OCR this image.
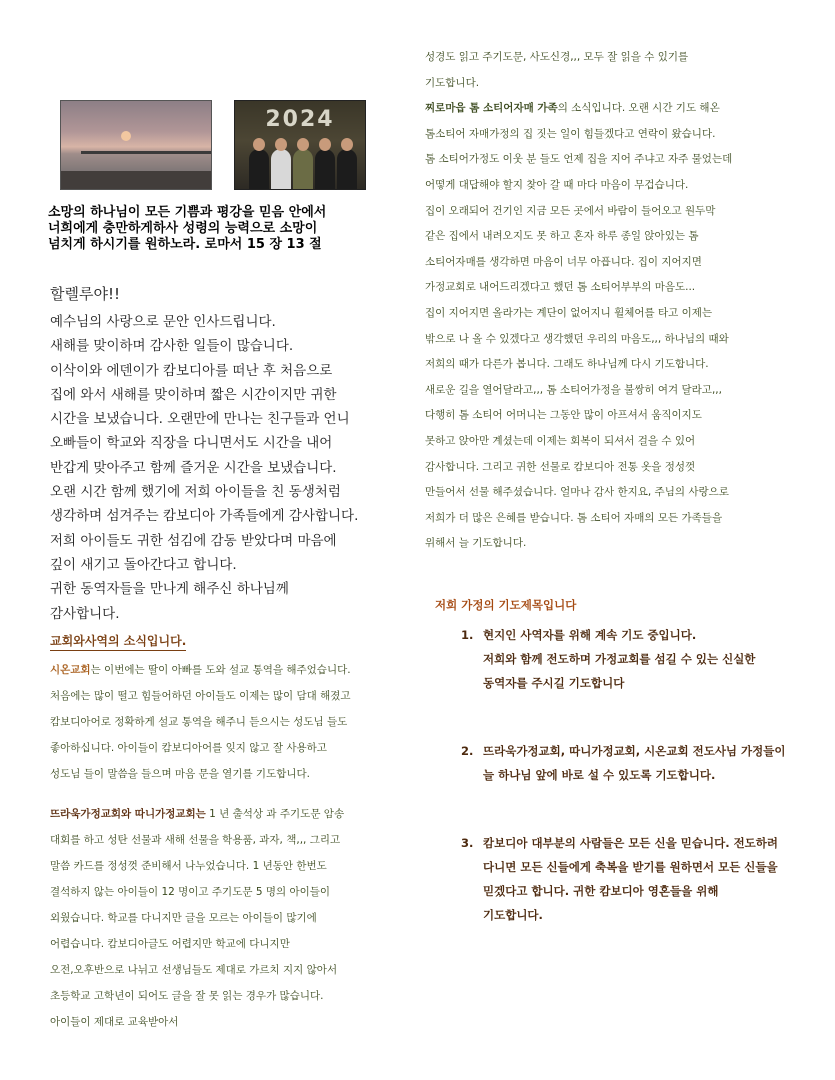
2024
소망의 하나님이 모든 기쁨과 평강을 믿음 안에서
너희에게 충만하게하사 성령의 능력으로 소망이
넘치게 하시기를 원하노라. 로마서 15 장 13 절
할렐루야!!

예수님의 사랑으로 문안 인사드립니다.

새해를 맞이하며 감사한 일들이 많습니다.

이삭이와 에덴이가 캄보디아를 떠난 후 처음으로

집에 와서 새해를 맞이하며 짧은 시간이지만 귀한

시간을 보냈습니다. 오랜만에 만나는 친구들과 언니

오빠들이 학교와 직장을 다니면서도 시간을 내어

반갑게 맞아주고 함께 즐거운 시간을 보냈습니다.

오랜 시간 함께 했기에 저희 아이들을 친 동생처럼

생각하며 섬겨주는 캄보디아 가족들에게 감사합니다.

저희 아이들도 귀한 섬김에 감동 받았다며 마음에

깊이 새기고 돌아간다고 합니다.

귀한 동역자들을 만나게 해주신 하나님께

감사합니다.

교회와사역의 소식입니다.

시온교회는 이번에는 딸이 아빠를 도와 설교 통역을 해주었습니다.

처음에는 많이 떨고 힘들어하던 아이들도 이제는 많이 담대 해졌고

캄보디아어로 정확하게 설교 통역을 해주니 듣으시는 성도님 들도

좋아하십니다. 아이들이 캄보디아어를 잊지 않고 잘 사용하고

성도님 들이 말씀을 들으며 마음 문을 열기를 기도합니다.

뜨라욱가정교회와 따니가정교회는 1 년 출석상 과 주기도문 암송

대회를 하고 성탄 선물과 새해 선물을 학용품, 과자, 책,,, 그리고

말씀 카드를 정성껏 준비해서 나누었습니다. 1 년동안 한번도

결석하지 않는 아이들이 12 명이고 주기도문 5 명의 아이들이

외웠습니다. 학교를 다니지만 글을 모르는 아이들이 많기에

어렵습니다. 캄보디아글도 어렵지만 학교에 다니지만

오전,오후반으로 나뉘고 선생님들도 제대로 가르치 지지 않아서

초등학교 고학년이 되어도 글을 잘 못 읽는 경우가 많습니다.

아이들이 제대로 교육받아서

성경도 읽고 주기도문, 사도신경,,, 모두 잘 읽을 수 있기를

기도합니다.

찌로마읍 톰 소티어자매 가족의 소식입니다. 오랜 시간 기도 해온

톰소티어 자매가정의 집 짓는 일이 힘들겠다고 연락이 왔습니다.

톰 소티어가정도 이웃 분 들도 언제 집을 지어 주냐고 자주 물었는데

어떻게 대답해야 할지 찾아 갈 때 마다 마음이 무겁습니다.

집이 오래되어 건기인 지금 모든 곳에서 바람이 들어오고 원두막

같은 집에서 내려오지도 못 하고 혼자 하루 종일 앉아있는 톰

소티어자매를 생각하면 마음이 너무 아픕니다. 집이 지어지면

가정교회로 내어드리겠다고 했던 톰 소티어부부의 마음도...

집이 지어지면 올라가는 계단이 없어지니 휠체어를 타고 이제는

밖으로 나 올 수 있겠다고 생각했던 우리의 마음도,,, 하나님의 때와

저희의 때가 다른가 봅니다. 그래도 하나님께 다시 기도합니다.

새로운 길을 열어달라고,,, 톰 소티어가정을 불쌍히 여겨 달라고,,,

다행히 톰 소티어 어머니는 그동안 많이 아프셔서 움직이지도

못하고 앉아만 계셨는데 이제는 회복이 되셔서 걸을 수 있어

감사합니다. 그리고 귀한 선물로 캄보디아 전통 옷을 정성껏

만들어서 선물 해주셨습니다. 얼마나 감사 한지요, 주님의 사랑으로

저희가 더 많은 은혜를 받습니다. 톰 소티어 자매의 모든 가족들을

위해서 늘 기도합니다.

저희 가정의 기도제목입니다
1. 현지인 사역자를 위해 계속 기도 중입니다.
저희와 함께 전도하며 가정교회를 섬길 수 있는 신실한
동역자를 주시길 기도합니다
2. 뜨라욱가정교회, 따니가정교회, 시온교회 전도사님 가정들이
늘 하나님 앞에 바로 설 수 있도록 기도합니다.
3. 캄보디아 대부분의 사람들은 모든 신을 믿습니다. 전도하려
다니면 모든 신들에게 축복을 받기를 원하면서 모든 신들을
믿겠다고 합니다. 귀한 캄보디아 영혼들을 위해
기도합니다.
